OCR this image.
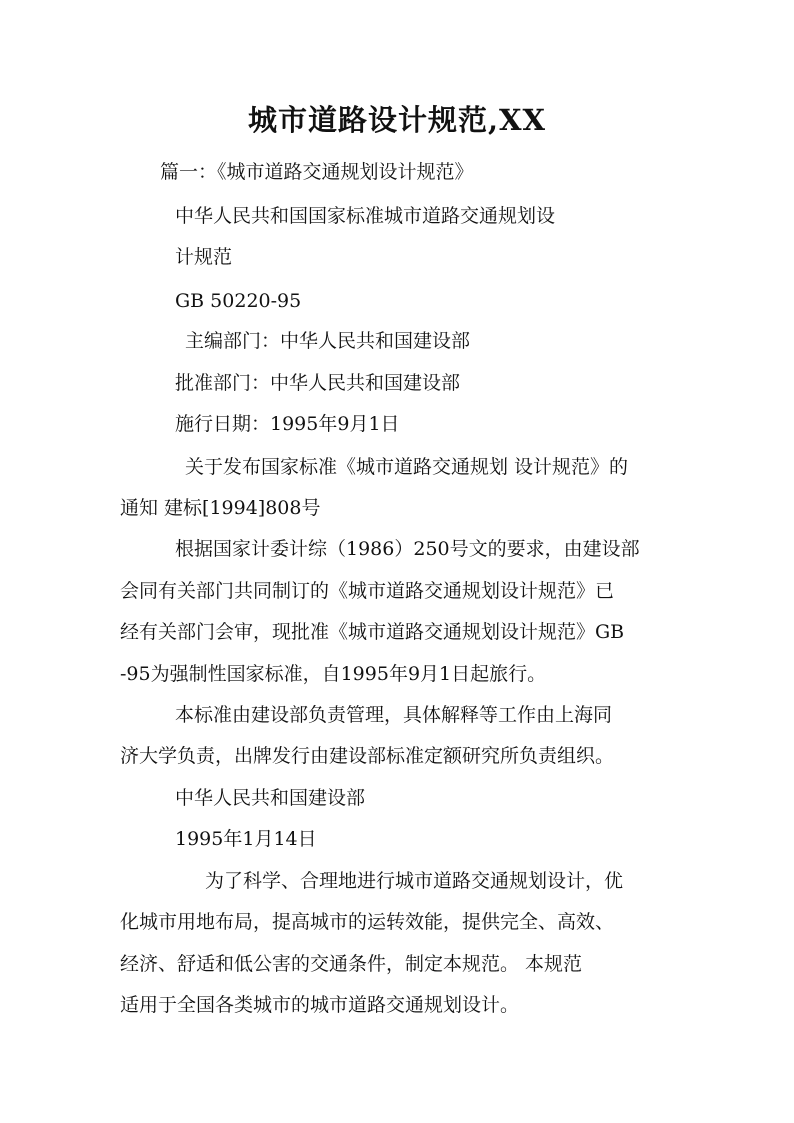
城市道路设计规范,XX
篇一：《城市道路交通规划设计规范》
中华人民共和国国家标准城市道路交通规划设
计规范
GB 50220-95
主编部门：中华人民共和国建设部
批准部门：中华人民共和国建设部
施行日期：1995年9月1日
关于发布国家标准《城市道路交通规划 设计规范》的
通知 建标[1994]808号
根据国家计委计综（1986）250号文的要求，由建设部
会同有关部门共同制订的《城市道路交通规划设计规范》已
经有关部门会审，现批准《城市道路交通规划设计规范》GB
-95为强制性国家标准，自1995年9月1日起旅行。
本标准由建设部负责管理，具体解释等工作由上海同
济大学负责，出牌发行由建设部标准定额研究所负责组织。
中华人民共和国建设部
1995年1月14日
为了科学、合理地进行城市道路交通规划设计，优
化城市用地布局，提高城市的运转效能，提供完全、高效、
经济、舒适和低公害的交通条件，制定本规范。 本规范
适用于全国各类城市的城市道路交通规划设计。
